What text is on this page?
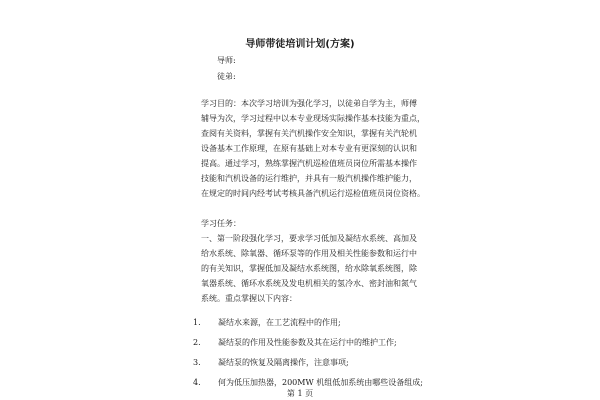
导师带徒培训计划(方案)
导师:
徒弟:
学习目的：本次学习培训为强化学习，以徒弟自学为主，师傅
辅导为次，学习过程中以本专业现场实际操作基本技能为重点，
查阅有关资料，掌握有关汽机操作安全知识，掌握有关汽轮机
设备基本工作原理，在原有基础上对本专业有更深刻的认识和
提高。通过学习，熟练掌握汽机巡检值班员岗位所需基本操作
技能和汽机设备的运行维护，并具有一般汽机操作维护能力，
在规定的时间内经考试考核具备汽机运行巡检值班员岗位资格。
学习任务：
一、第一阶段强化学习，要求学习低加及凝结水系统、高加及
给水系统、除氧器、循环泵等的作用及相关性能参数和运行中
的有关知识，掌握低加及凝结水系统图，给水除氧系统图，除
氧器系统、循环水系统及发电机相关的氢冷水、密封油和氮气
系统。重点掌握以下内容：
1. 凝结水来源，在工艺流程中的作用;
2. 凝结泵的作用及性能参数及其在运行中的维护工作;
3. 凝结泵的恢复及隔离操作，注意事项;
4. 何为低压加热器，200MW 机组低加系统由哪些设备组成;
第 1 页
